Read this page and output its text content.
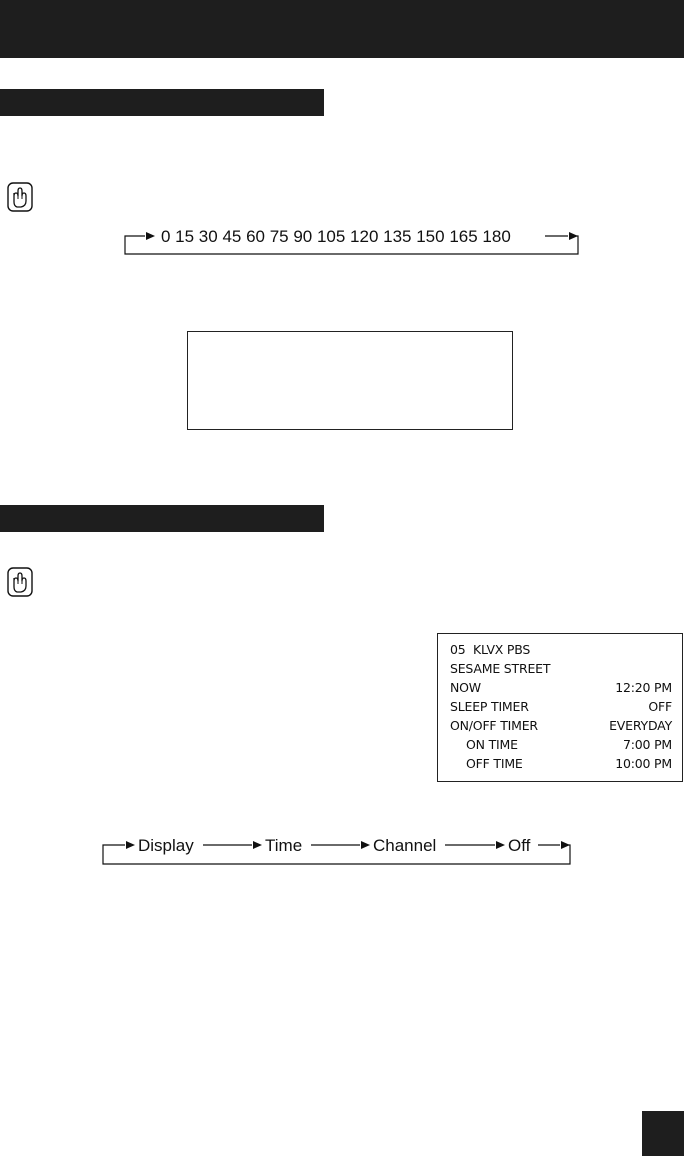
0 15 30 45 60 75 90 105 120 135 150 165 180
05  KLVX PBS
SESAME STREET
NOW	12:20 PM
SLEEP TIMER	OFF
ON/OFF TIMER	EVERYDAY
ON TIME	7:00 PM
OFF TIME	10:00 PM
Display	Time	Channel	Off
